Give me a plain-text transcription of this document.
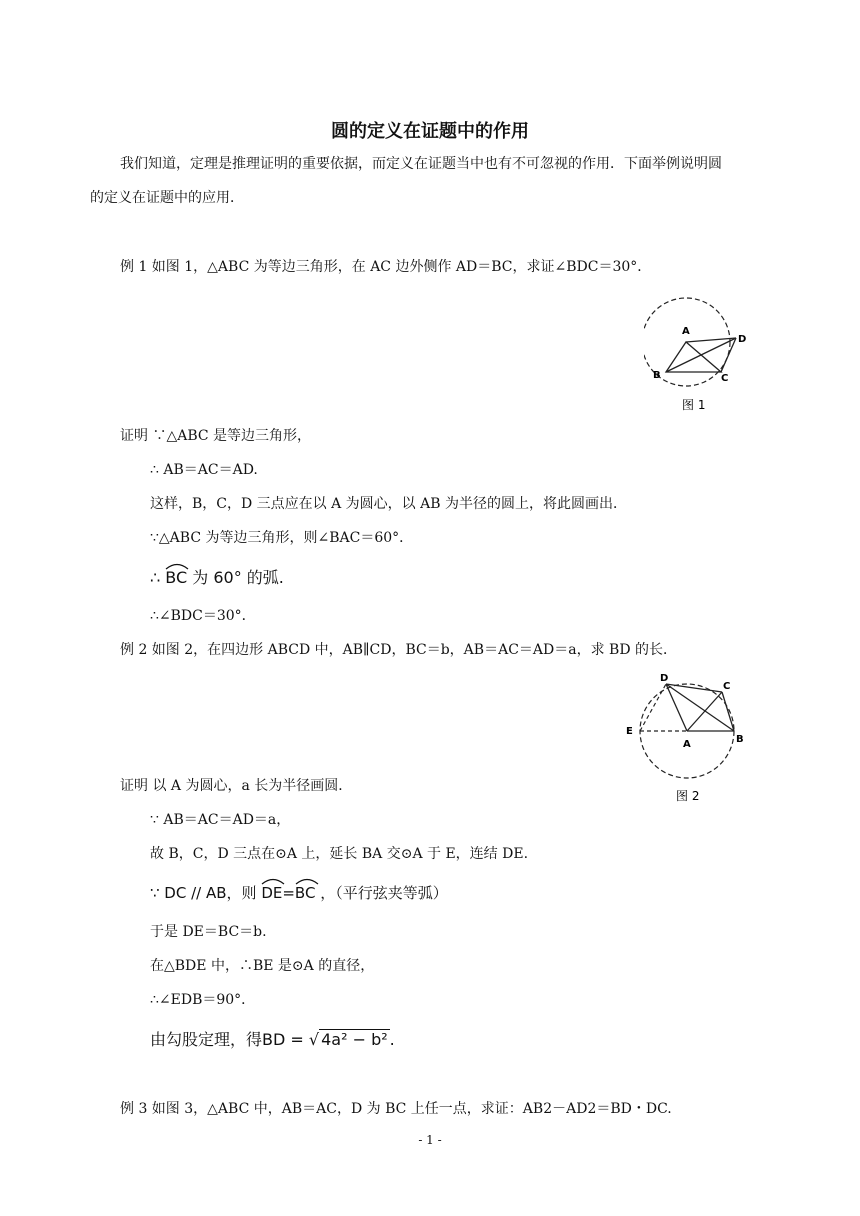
圆的定义在证题中的作用
我们知道，定理是推理证明的重要依据，而定义在证题当中也有不可忽视的作用．下面举例说明圆
的定义在证题中的应用．
例 1 如图 1，△ABC 为等边三角形，在 AC 边外侧作 AD＝BC，求证∠BDC＝30°．
A
B	C
D
图 1
证明 ∵△ABC 是等边三角形，
∴ AB＝AC＝AD.
这样，B，C，D 三点应在以 A 为圆心，以 AB 为半径的圆上，将此圆画出．
∵△ABC 为等边三角形，则∠BAC＝60°．
∴ BC 为 60° 的弧.
∴∠BDC＝30°．
例 2 如图 2，在四边形 ABCD 中，AB∥CD，BC＝b，AB＝AC＝AD＝a，求 BD 的长．
D
C
E
A	B
图 2
证明 以 A 为圆心，a 长为半径画圆．
∵ AB＝AC＝AD＝a，
故 B，C，D 三点在⊙A 上，延长 BA 交⊙A 于 E，连结 DE.
∵ DC // AB，则 DE=
BC ，（平行弦夹等弧）
于是 DE＝BC＝b.
在△BDE 中，∴BE 是⊙A 的直径，
∴∠EDB＝90°．
由勾股定理，得BD = √ 4a² − b² .
例 3 如图 3，△ABC 中，AB＝AC，D 为 BC 上任一点，求证：AB2－AD2＝BD・DC.
- 1 -
